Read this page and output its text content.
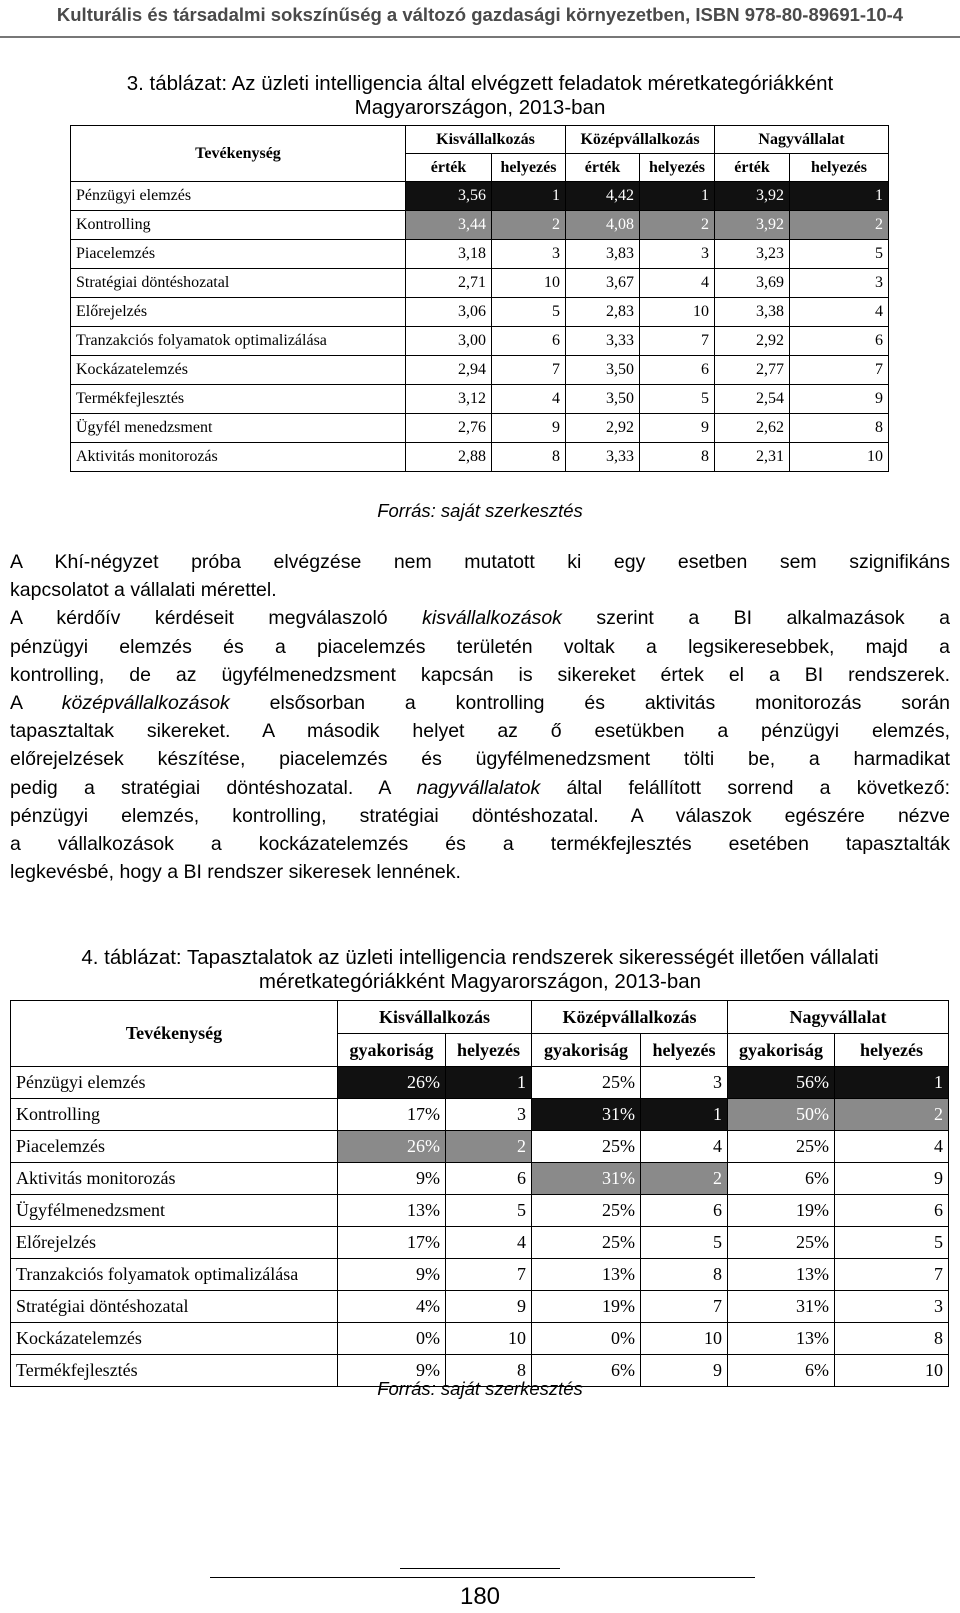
Kulturális és társadalmi sokszínűség a változó gazdasági környezetben, ISBN 978-80-89691-10-4
3. táblázat: Az üzleti intelligencia által elvégzett feladatok méretkategóriákként
Magyarországon, 2013-ban
Tevékenység	Kisvállalkozás		Középvállalkozás		Nagyvállalat	
	érték	helyezés	érték	helyezés	érték	helyezés
Pénzügyi elemzés	3,56	1	4,42	1	3,92	1
Kontrolling	3,44	2	4,08	2	3,92	2
Piacelemzés	3,18	3	3,83	3	3,23	5
Stratégiai döntéshozatal	2,71	10	3,67	4	3,69	3
Előrejelzés	3,06	5	2,83	10	3,38	4
Tranzakciós folyamatok optimalizálása	3,00	6	3,33	7	2,92	6
Kockázatelemzés	2,94	7	3,50	6	2,77	7
Termékfejlesztés	3,12	4	3,50	5	2,54	9
Ügyfél menedzsment	2,76	9	2,92	9	2,62	8
Aktivitás monitorozás	2,88	8	3,33	8	2,31	10
Forrás: saját szerkesztés

A Khí-négyzet próba elvégzése nem mutatott ki egy esetben sem szignifikáns
kapcsolatot a vállalati mérettel.

A kérdőív kérdéseit megválaszoló kisvállalkozások szerint a BI alkalmazások a
pénzügyi elemzés és a piacelemzés területén voltak a legsikeresebbek, majd a
kontrolling, de az ügyfélmenedzsment kapcsán is sikereket értek el a BI rendszerek.
A középvállalkozások elsősorban a kontrolling és aktivitás monitorozás során
tapasztaltak sikereket. A második helyet az ő esetükben a pénzügyi elemzés,
előrejelzések készítése, piacelemzés és ügyfélmenedzsment tölti be, a harmadikat
pedig a stratégiai döntéshozatal. A nagyvállalatok által felállított sorrend a következő:
pénzügyi elemzés, kontrolling, stratégiai döntéshozatal. A válaszok egészére nézve
a vállalkozások a kockázatelemzés és a termékfejlesztés esetében tapasztalták
legkevésbé, hogy a BI rendszer sikeresek lennének.

4. táblázat: Tapasztalatok az üzleti intelligencia rendszerek sikerességét illetően vállalati
méretkategóriákként Magyarországon, 2013-ban
Tevékenység	Kisvállalkozás		Középvállalkozás		Nagyvállalat	
	gyakoriság	helyezés	gyakoriság	helyezés	gyakoriság	helyezés
Pénzügyi elemzés	26%	1	25%	3	56%	1
Kontrolling	17%	3	31%	1	50%	2
Piacelemzés	26%	2	25%	4	25%	4
Aktivitás monitorozás	9%	6	31%	2	6%	9
Ügyfélmenedzsment	13%	5	25%	6	19%	6
Előrejelzés	17%	4	25%	5	25%	5
Tranzakciós folyamatok optimalizálása	9%	7	13%	8	13%	7
Stratégiai döntéshozatal	4%	9	19%	7	31%	3
Kockázatelemzés	0%	10	0%	10	13%	8
Termékfejlesztés	9%	8	6%	9	6%	10
Forrás: saját szerkesztés
180
